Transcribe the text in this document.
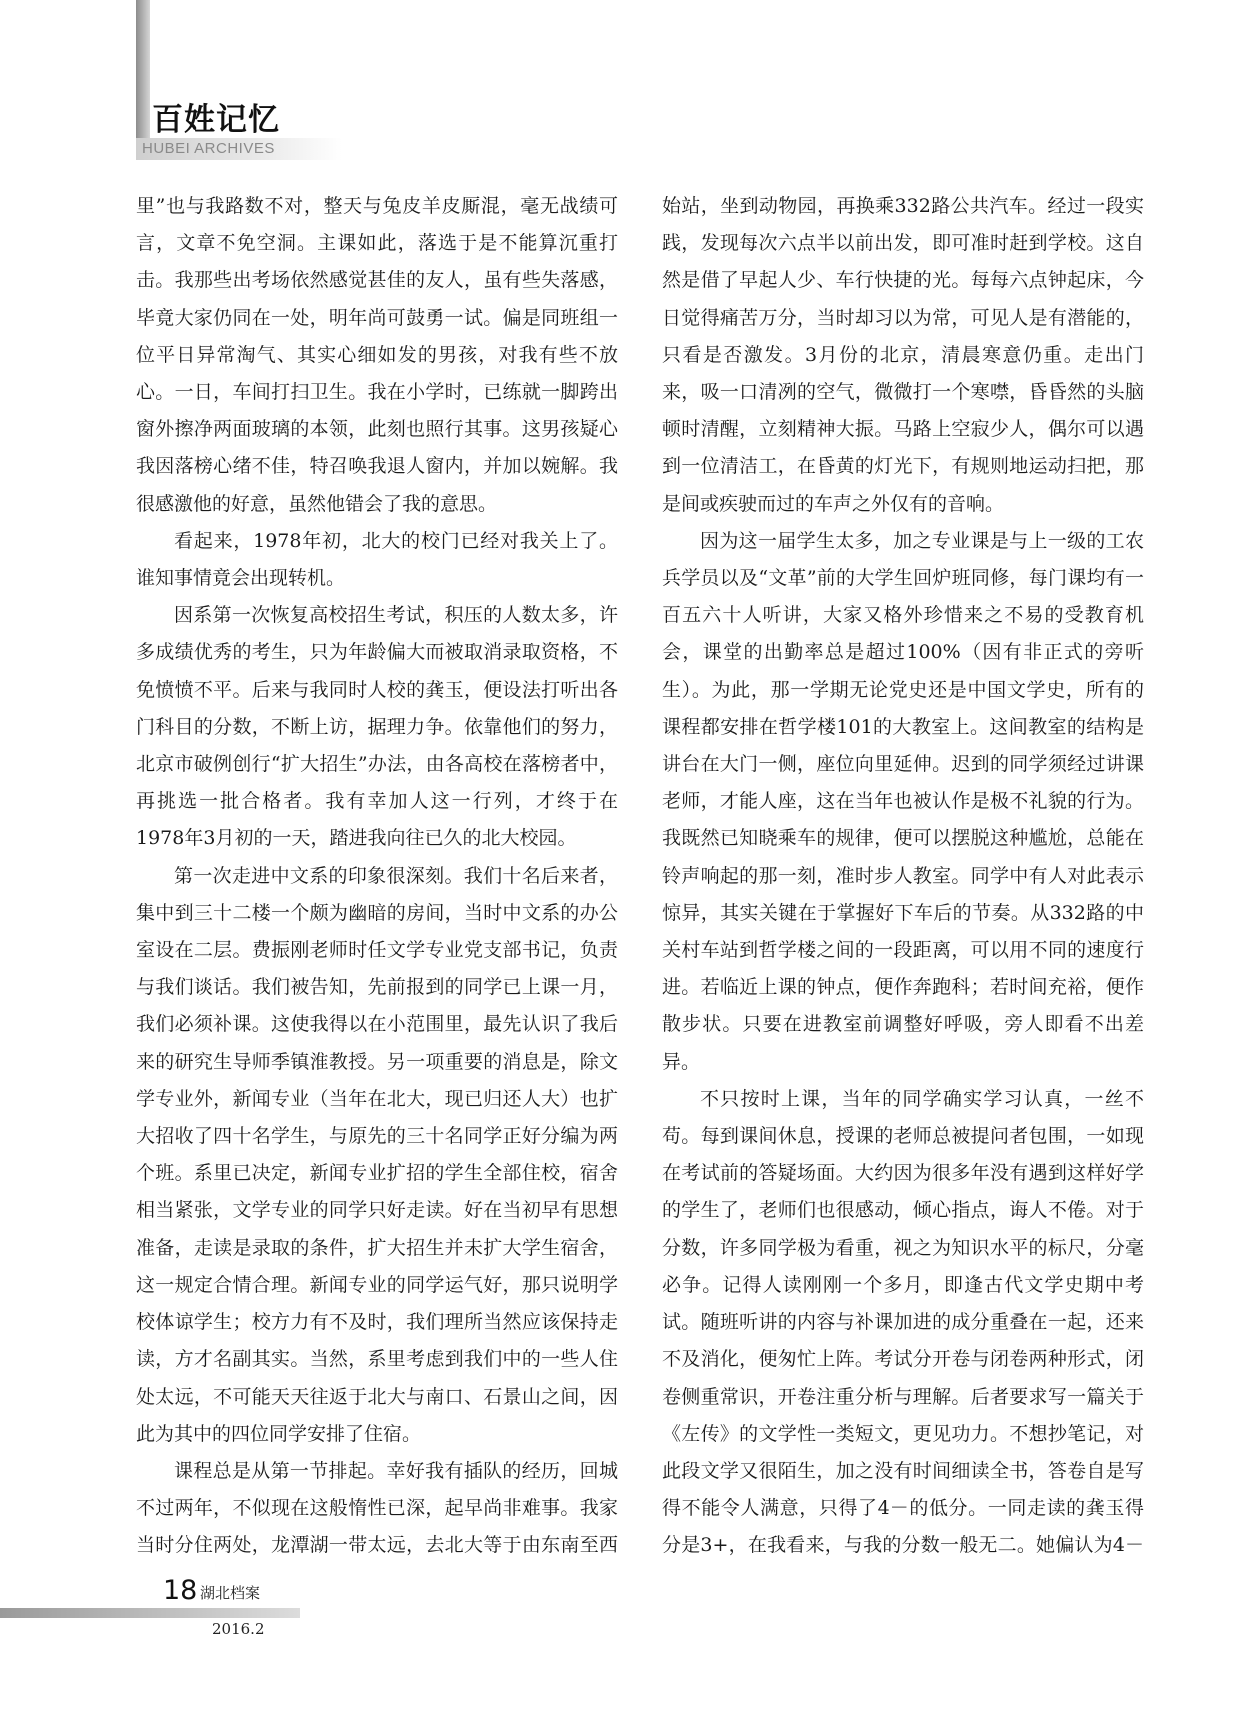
百姓记忆
HUBEI ARCHIVES

里”也与我路数不对，整天与兔皮羊皮厮混，毫无战绩可言，文章不免空洞。主课如此，落选于是不能算沉重打击。我那些出考场依然感觉甚佳的友人，虽有些失落感，毕竟大家仍同在一处，明年尚可鼓勇一试。偏是同班组一位平日异常淘气、其实心细如发的男孩，对我有些不放心。一日，车间打扫卫生。我在小学时，已练就一脚跨出窗外擦净两面玻璃的本领，此刻也照行其事。这男孩疑心我因落榜心绪不佳，特召唤我退人窗内，并加以婉解。我很感激他的好意，虽然他错会了我的意思。

看起来，1978年初，北大的校门已经对我关上了。谁知事情竟会出现转机。

因系第一次恢复高校招生考试，积压的人数太多，许多成绩优秀的考生，只为年龄偏大而被取消录取资格，不免愤愤不平。后来与我同时人校的龚玉，便设法打听出各门科目的分数，不断上访，据理力争。依靠他们的努力，北京市破例创行“扩大招生”办法，由各高校在落榜者中，再挑选一批合格者。我有幸加人这一行列，才终于在1978年3月初的一天，踏进我向往已久的北大校园。

第一次走进中文系的印象很深刻。我们十名后来者，集中到三十二楼一个颇为幽暗的房间，当时中文系的办公室设在二层。费振刚老师时任文学专业党支部书记，负责与我们谈话。我们被告知，先前报到的同学已上课一月，我们必须补课。这使我得以在小范围里，最先认识了我后来的研究生导师季镇淮教授。另一项重要的消息是，除文学专业外，新闻专业（当年在北大，现已归还人大）也扩大招收了四十名学生，与原先的三十名同学正好分编为两个班。系里已决定，新闻专业扩招的学生全部住校，宿舍相当紧张，文学专业的同学只好走读。好在当初早有思想准备，走读是录取的条件，扩大招生并未扩大学生宿舍，这一规定合情合理。新闻专业的同学运气好，那只说明学校体谅学生；校方力有不及时，我们理所当然应该保持走读，方才名副其实。当然，系里考虑到我们中的一些人住处太远，不可能天天往返于北大与南口、石景山之间，因此为其中的四位同学安排了住宿。

课程总是从第一节排起。幸好我有插队的经历，回城不过两年，不似现在这般惰性已深，起早尚非难事。我家当时分住两处，龙潭湖一带太远，去北大等于由东南至西

始站，坐到动物园，再换乘332路公共汽车。经过一段实践，发现每次六点半以前出发，即可准时赶到学校。这自然是借了早起人少、车行快捷的光。每每六点钟起床，今日觉得痛苦万分，当时却习以为常，可见人是有潜能的，只看是否激发。3月份的北京，清晨寒意仍重。走出门来，吸一口清冽的空气，微微打一个寒噤，昏昏然的头脑顿时清醒，立刻精神大振。马路上空寂少人，偶尔可以遇到一位清洁工，在昏黄的灯光下，有规则地运动扫把，那是间或疾驶而过的车声之外仅有的音响。

因为这一届学生太多，加之专业课是与上一级的工农兵学员以及“文革”前的大学生回炉班同修，每门课均有一百五六十人听讲，大家又格外珍惜来之不易的受教育机会，课堂的出勤率总是超过100%（因有非正式的旁听生）。为此，那一学期无论党史还是中国文学史，所有的课程都安排在哲学楼101的大教室上。这间教室的结构是讲台在大门一侧，座位向里延伸。迟到的同学须经过讲课老师，才能人座，这在当年也被认作是极不礼貌的行为。我既然已知晓乘车的规律，便可以摆脱这种尴尬，总能在铃声响起的那一刻，准时步人教室。同学中有人对此表示惊异，其实关键在于掌握好下车后的节奏。从332路的中关村车站到哲学楼之间的一段距离，可以用不同的速度行进。若临近上课的钟点，便作奔跑科；若时间充裕，便作散步状。只要在进教室前调整好呼吸，旁人即看不出差异。

不只按时上课，当年的同学确实学习认真，一丝不苟。每到课间休息，授课的老师总被提问者包围，一如现在考试前的答疑场面。大约因为很多年没有遇到这样好学的学生了，老师们也很感动，倾心指点，诲人不倦。对于分数，许多同学极为看重，视之为知识水平的标尺，分毫必争。记得人读刚刚一个多月，即逢古代文学史期中考试。随班听讲的内容与补课加进的成分重叠在一起，还来不及消化，便匆忙上阵。考试分开卷与闭卷两种形式，闭卷侧重常识，开卷注重分析与理解。后者要求写一篇关于《左传》的文学性一类短文，更见功力。不想抄笔记，对此段文学又很陌生，加之没有时间细读全书，答卷自是写得不能令人满意，只得了4－的低分。一同走读的龚玉得分是3+，在我看来，与我的分数一般无二。她偏认为4－

18 湖北档案
2016.2
